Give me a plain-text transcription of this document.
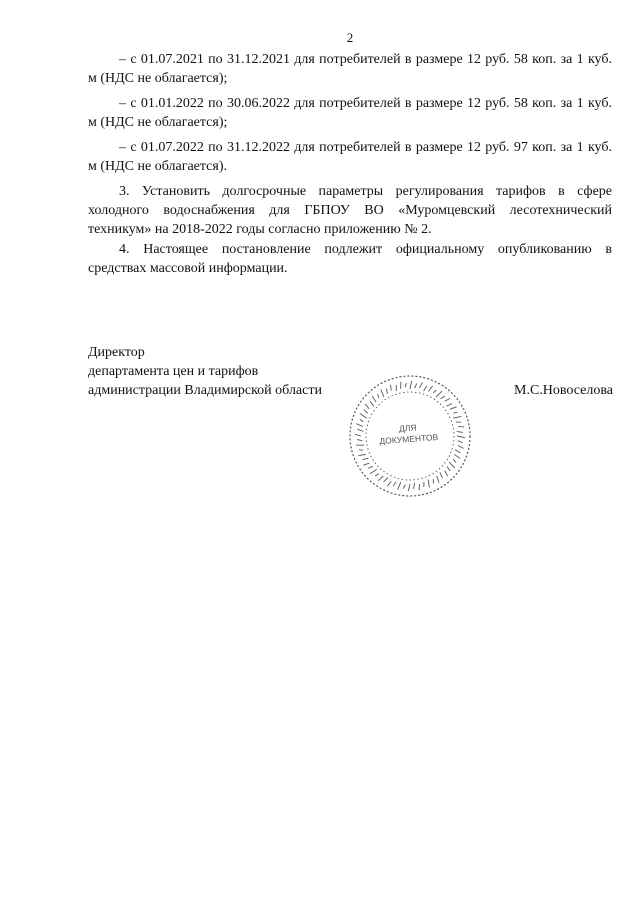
2

– с 01.07.2021 по 31.12.2021 для потребителей в размере 12 руб. 58 коп. за 1 куб. м (НДС не облагается);

– с 01.01.2022 по 30.06.2022 для потребителей в размере 12 руб. 58 коп. за 1 куб. м (НДС не облагается);

– с 01.07.2022 по 31.12.2022 для потребителей в размере 12 руб. 97 коп. за 1 куб. м (НДС не облагается).

3. Установить долгосрочные параметры регулирования тарифов в сфере холодного водоснабжения для ГБПОУ ВО «Муромцевский лесотехнический техникум» на 2018-2022 годы согласно приложению № 2.

4. Настоящее постановление подлежит официальному опубликованию в средствах массовой информации.

Директор
департамента цен и тарифов
администрации Владимирской области	М.С.Новоселова
ДЛЯ
ДОКУМЕНТОВ
